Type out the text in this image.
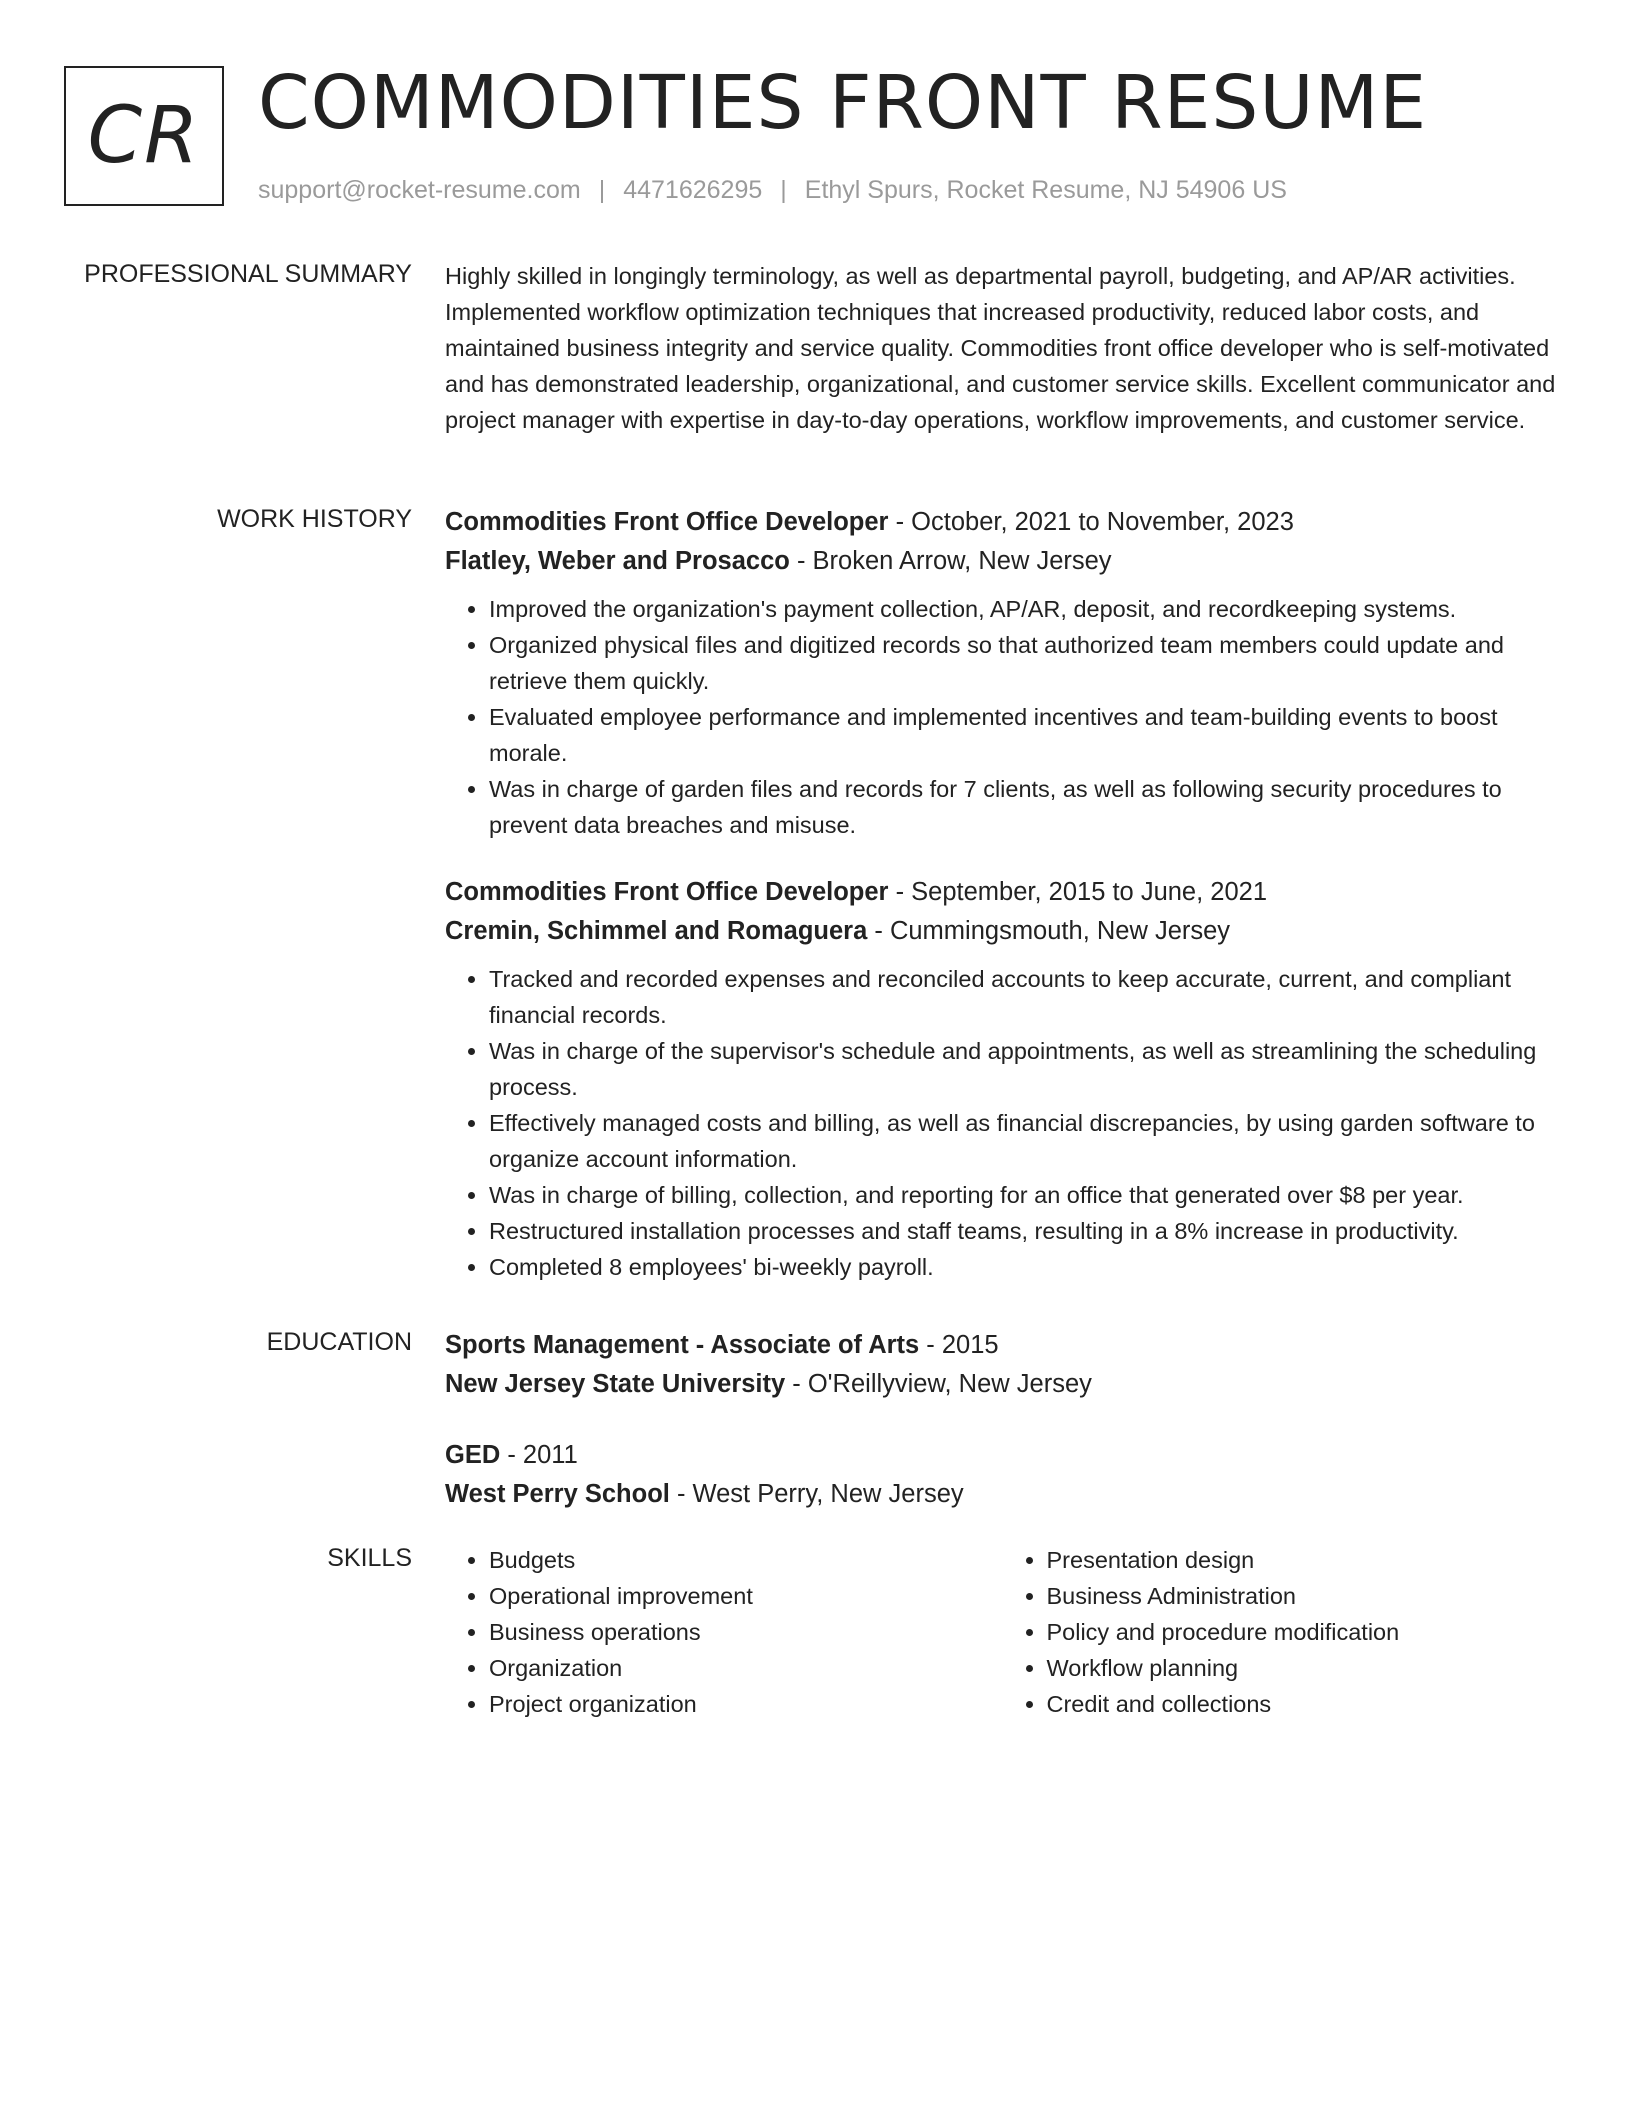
CR COMMODITIES FRONT RESUME
support@rocket-resume.com | 4471626295 | Ethyl Spurs, Rocket Resume, NJ 54906 US
PROFESSIONAL SUMMARY Highly skilled in longingly terminology, as well as departmental payroll, budgeting, and AP/AR activities. Implemented workflow optimization techniques that increased productivity, reduced labor costs, and maintained business integrity and service quality. Commodities front office developer who is self-motivated and has demonstrated leadership, organizational, and customer service skills. Excellent communicator and project manager with expertise in day-to-day operations, workflow improvements, and customer service.

WORK HISTORY Commodities Front Office Developer - October, 2021 to November, 2023

Flatley, Weber and Prosacco - Broken Arrow, New Jersey

• Improved the organization's payment collection, AP/AR, deposit, and recordkeeping systems.
• Organized physical files and digitized records so that authorized team members could update and retrieve them quickly.
• Evaluated employee performance and implemented incentives and team-building events to boost morale.
• Was in charge of garden files and records for 7 clients, as well as following security procedures to prevent data breaches and misuse.

Commodities Front Office Developer - September, 2015 to June, 2021

Cremin, Schimmel and Romaguera - Cummingsmouth, New Jersey

• Tracked and recorded expenses and reconciled accounts to keep accurate, current, and compliant financial records.
• Was in charge of the supervisor's schedule and appointments, as well as streamlining the scheduling process.
• Effectively managed costs and billing, as well as financial discrepancies, by using garden software to organize account information.
• Was in charge of billing, collection, and reporting for an office that generated over $8 per year.
• Restructured installation processes and staff teams, resulting in a 8% increase in productivity.
• Completed 8 employees' bi-weekly payroll.
EDUCATION Sports Management - Associate of Arts - 2015

New Jersey State University - O'Reillyview, New Jersey

GED - 2011

West Perry School - West Perry, New Jersey

SKILLS
•	Budgets
• Operational improvement
• Business operations
• Organization
• Project organization
• Presentation design
• Business Administration
• Policy and procedure modification
• Workflow planning
• Credit and collections
